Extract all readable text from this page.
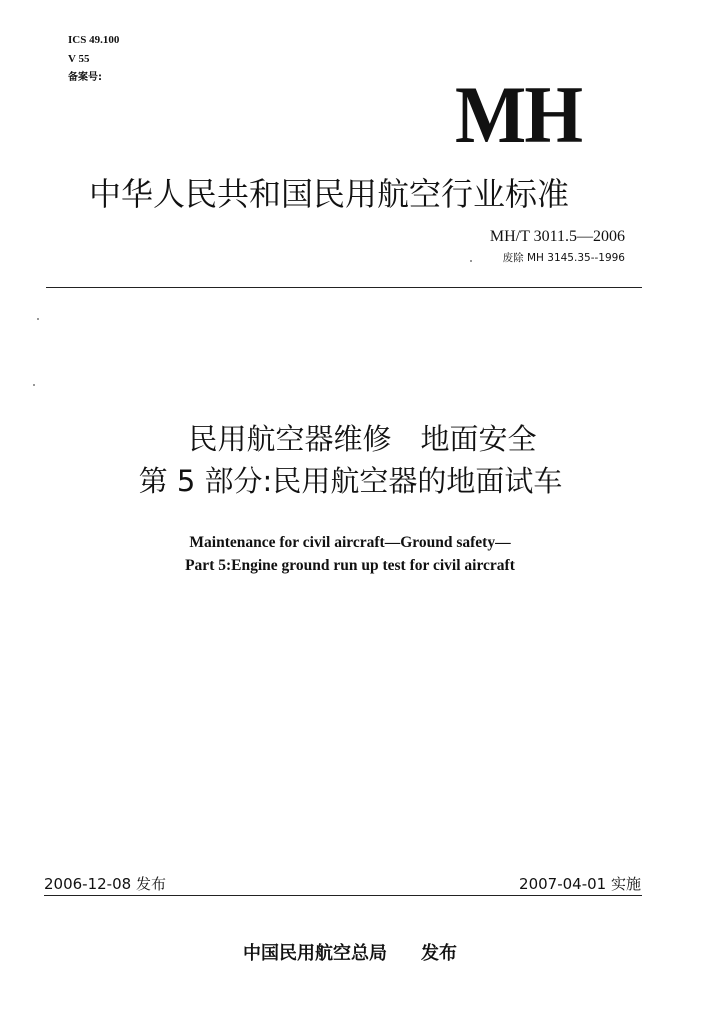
ICS 49.100
V 55
备案号:	MH
中华人民共和国民用航空行业标准
MH/T 3011.5—2006
废除 MH 3145.35--1996
民用航空器维修　地面安全
第 5 部分:民用航空器的地面试车
Maintenance for civil aircraft—Ground safety—
Part 5:Engine ground run up test for civil aircraft
2006-12-08 发布	2007-04-01 实施
中国民用航空总局 发布
